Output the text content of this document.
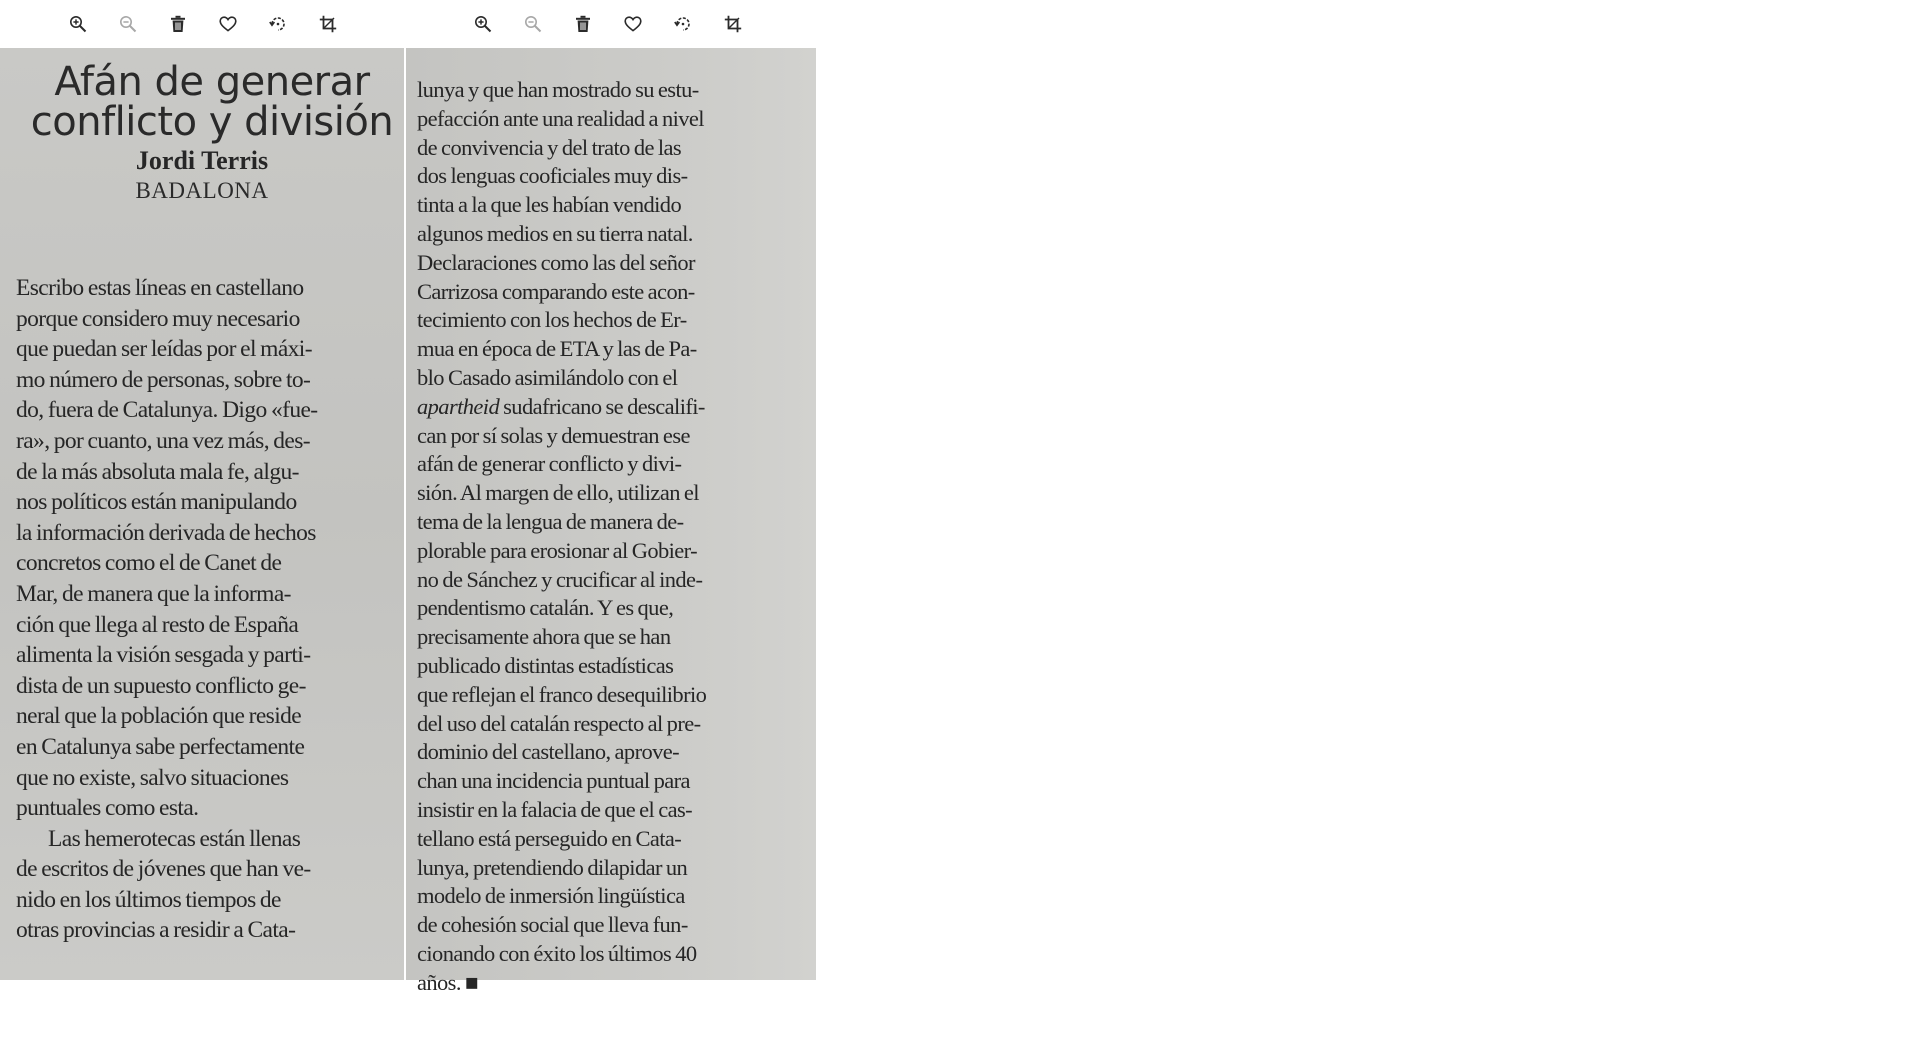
Afán de generar
conflicto y división
Jordi Terris
BADALONA
Escribo estas líneas en castellano
porque considero muy necesario
que puedan ser leídas por el máxi-
mo número de personas, sobre to-
do, fuera de Catalunya. Digo «fue-
ra», por cuanto, una vez más, des-
de la más absoluta mala fe, algu-
nos políticos están manipulando
la información derivada de hechos
concretos como el de Canet de
Mar, de manera que la informa-
ción que llega al resto de España
alimenta la visión sesgada y parti-
dista de un supuesto conflicto ge-
neral que la población que reside
en Catalunya sabe perfectamente
que no existe, salvo situaciones
puntuales como esta.
Las hemerotecas están llenas
de escritos de jóvenes que han ve-
nido en los últimos tiempos de
otras provincias a residir a Cata-
lunya y que han mostrado su estu-
pefacción ante una realidad a nivel
de convivencia y del trato de las
dos lenguas cooficiales muy dis-
tinta a la que les habían vendido
algunos medios en su tierra natal.
Declaraciones como las del señor
Carrizosa comparando este acon-
tecimiento con los hechos de Er-
mua en época de ETA y las de Pa-
blo Casado asimilándolo con el
apartheid sudafricano se descalifi-
can por sí solas y demuestran ese
afán de generar conflicto y divi-
sión. Al margen de ello, utilizan el
tema de la lengua de manera de-
plorable para erosionar al Gobier-
no de Sánchez y crucificar al inde-
pendentismo catalán. Y es que,
precisamente ahora que se han
publicado distintas estadísticas
que reflejan el franco desequilibrio
del uso del catalán respecto al pre-
dominio del castellano, aprove-
chan una incidencia puntual para
insistir en la falacia de que el cas-
tellano está perseguido en Cata-
lunya, pretendiendo dilapidar un
modelo de inmersión lingüística
de cohesión social que lleva fun-
cionando con éxito los últimos 40
años. ■
